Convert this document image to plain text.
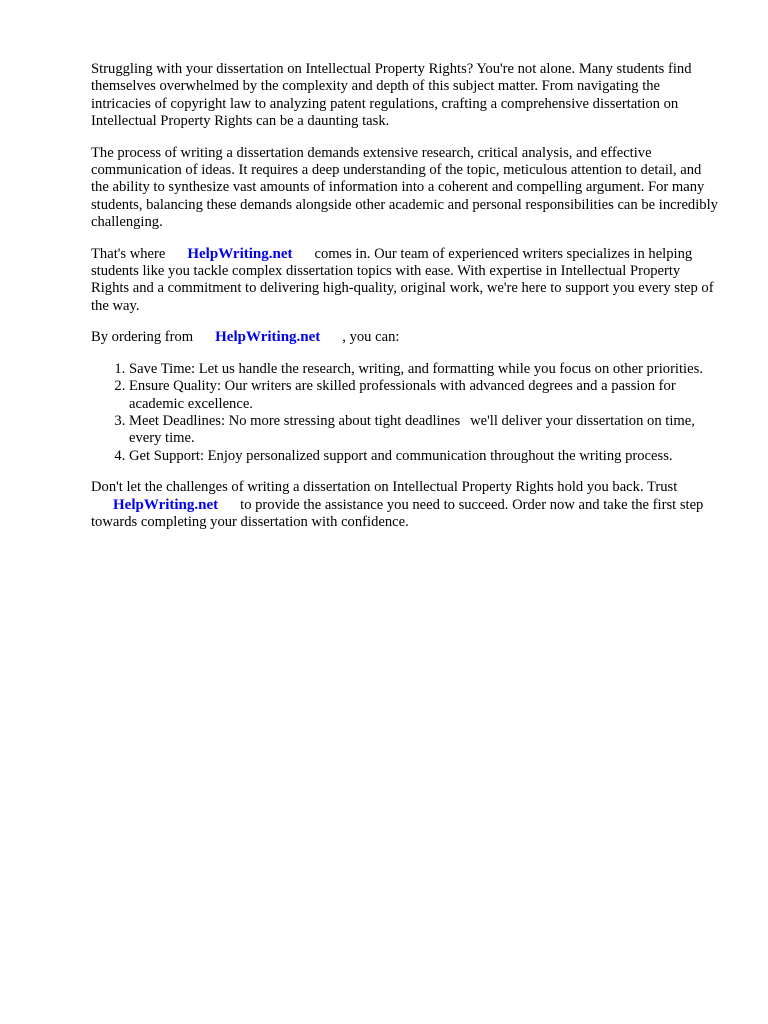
Struggling with your dissertation on Intellectual Property Rights? You're not alone. Many students find themselves overwhelmed by the complexity and depth of this subject matter. From navigating the intricacies of copyright law to analyzing patent regulations, crafting a comprehensive dissertation on Intellectual Property Rights can be a daunting task.

The process of writing a dissertation demands extensive research, critical analysis, and effective communication of ideas. It requires a deep understanding of the topic, meticulous attention to detail, and the ability to synthesize vast amounts of information into a coherent and compelling argument. For many students, balancing these demands alongside other academic and personal responsibilities can be incredibly challenging.

That's where HelpWriting.net comes in. Our team of experienced writers specializes in helping students like you tackle complex dissertation topics with ease. With expertise in Intellectual Property Rights and a commitment to delivering high-quality, original work, we're here to support you every step of the way.

By ordering from HelpWriting.net , you can:

1. Save Time: Let us handle the research, writing, and formatting while you focus on other priorities.
2. Ensure Quality: Our writers are skilled professionals with advanced degrees and a passion for academic excellence.
3. Meet Deadlines: No more stressing about tight deadlines we'll deliver your dissertation on time, every time.
4. Get Support: Enjoy personalized support and communication throughout the writing process.

Don't let the challenges of writing a dissertation on Intellectual Property Rights hold you back. Trust
HelpWriting.net to provide the assistance you need to succeed. Order now and take the first step towards completing your dissertation with confidence.
